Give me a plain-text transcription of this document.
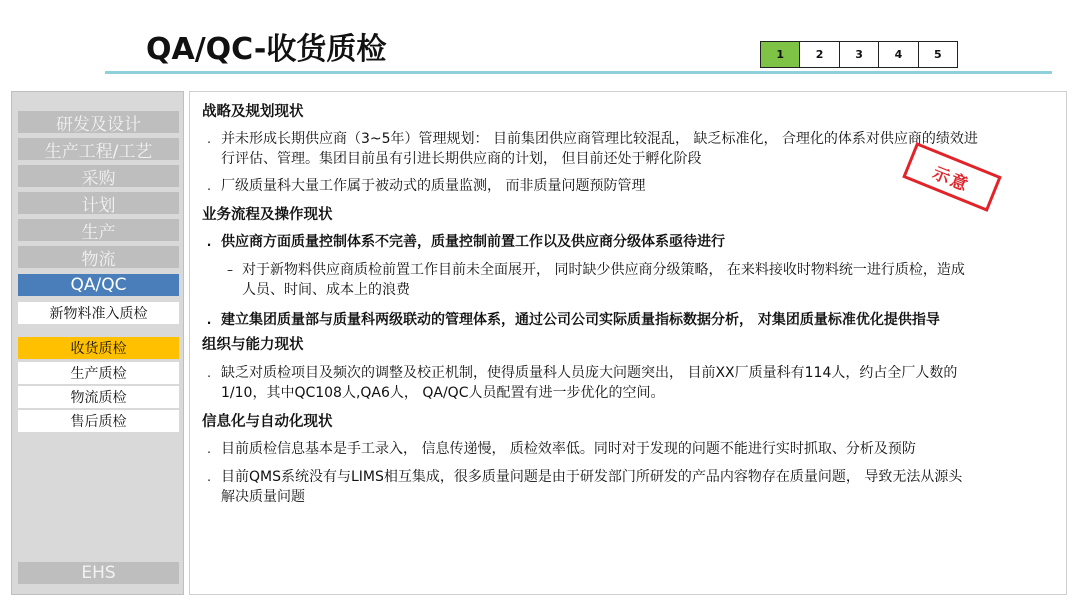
QA/QC-收货质检	1	2	3	4	5
研发及设计
生产工程/工艺
采购
计划
生产
物流
QA/QC
新物料准入质检
收货质检
生产质检
物流质检
售后质检
EHS
战略及规划现状
. 并未形成长期供应商（3~5年）管理规划： 目前集团供应商管理比较混乱， 缺乏标准化， 合理化的体系对供应商的绩效进
行评估、管理。集团目前虽有引进长期供应商的计划， 但目前还处于孵化阶段
. 厂级质量科大量工作属于被动式的质量监测， 而非质量问题预防管理
业务流程及操作现状
. 供应商方面质量控制体系不完善，质量控制前置工作以及供应商分级体系亟待进行
– 对于新物料供应商质检前置工作目前未全面展开， 同时缺少供应商分级策略， 在来料接收时物料统一进行质检，造成
人员、时间、成本上的浪费
. 建立集团质量部与质量科两级联动的管理体系，通过公司公司实际质量指标数据分析， 对集团质量标准优化提供指导
组织与能力现状
. 缺乏对质检项目及频次的调整及校正机制，使得质量科人员庞大问题突出， 目前XX厂质量科有114人，约占全厂人数的
1/10，其中QC108人,QA6人， QA/QC人员配置有进一步优化的空间。
信息化与自动化现状
. 目前质检信息基本是手工录入， 信息传递慢， 质检效率低。同时对于发现的问题不能进行实时抓取、分析及预防
. 目前QMS系统没有与LIMS相互集成，很多质量问题是由于研发部门所研发的产品内容物存在质量问题， 导致无法从源头
解决质量问题
示意
